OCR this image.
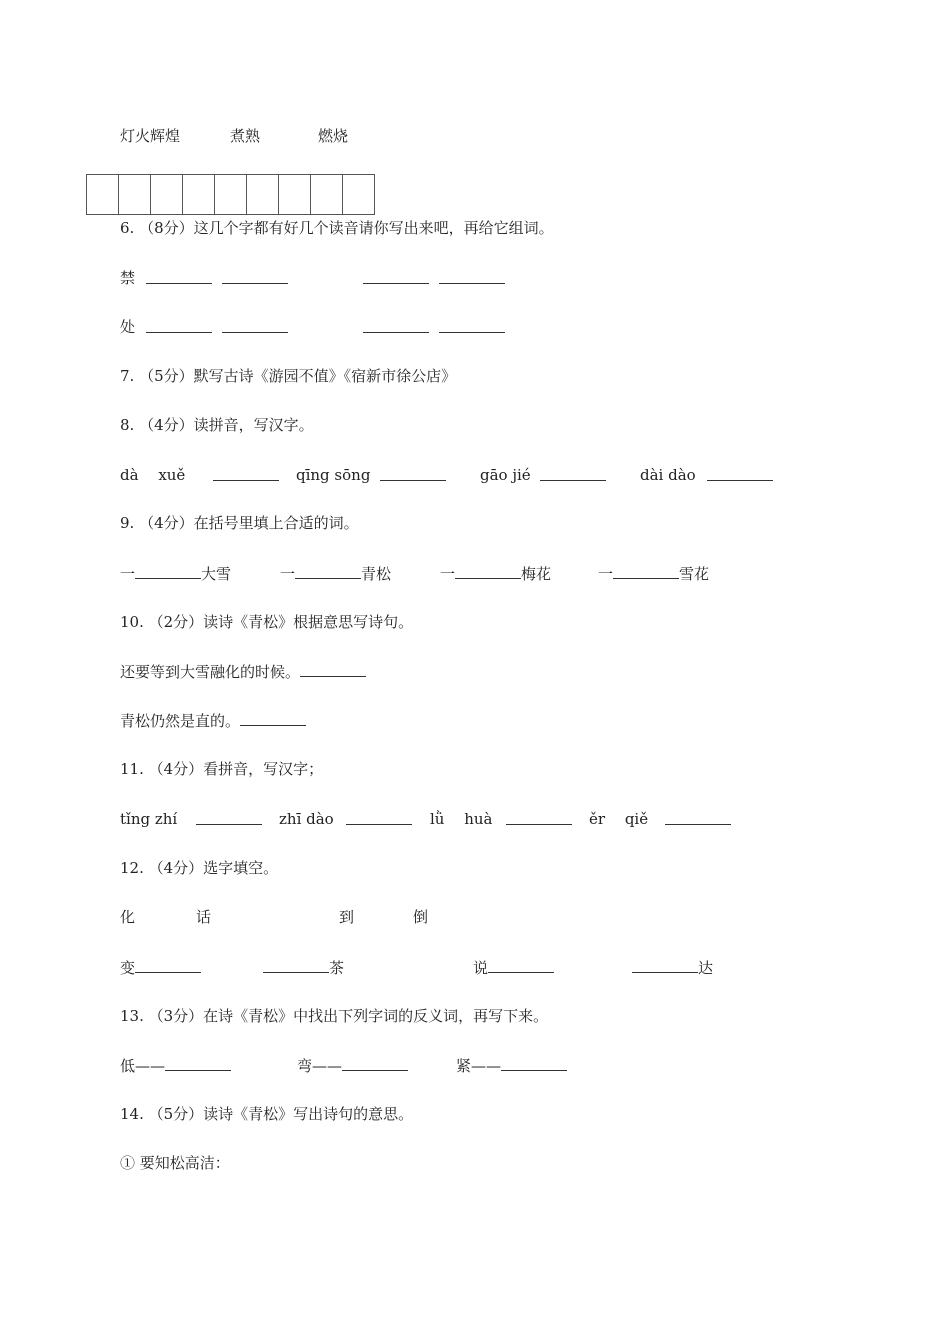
灯火辉煌	煮熟	燃烧
6. （8分）这几个字都有好几个读音请你写出来吧，再给它组词。
禁

处

7. （5分）默写古诗《游园不值》《宿新市徐公店》
8. （4分）读拼音，写汉字。
dà　 xuě	qīng sōng	gāo jié	dài dào
9. （4分）在括号里填上合适的词。
一	大雪	一	青松	一	梅花	一	雪花
10. （2分）读诗《青松》根据意思写诗句。
还要等到大雪融化的时候。
青松仍然是直的。
11. （4分）看拼音，写汉字；
tǐng zhí	zhī dào	lǜ　 huà	ěr　 qiě
12. （4分）选字填空。
化	话	到	倒
变	茶	说	达
13. （3分）在诗《青松》中找出下列字词的反义词，再写下来。
低——	弯——	紧——
14. （5分）读诗《青松》写出诗句的意思。
① 要知松高洁：
